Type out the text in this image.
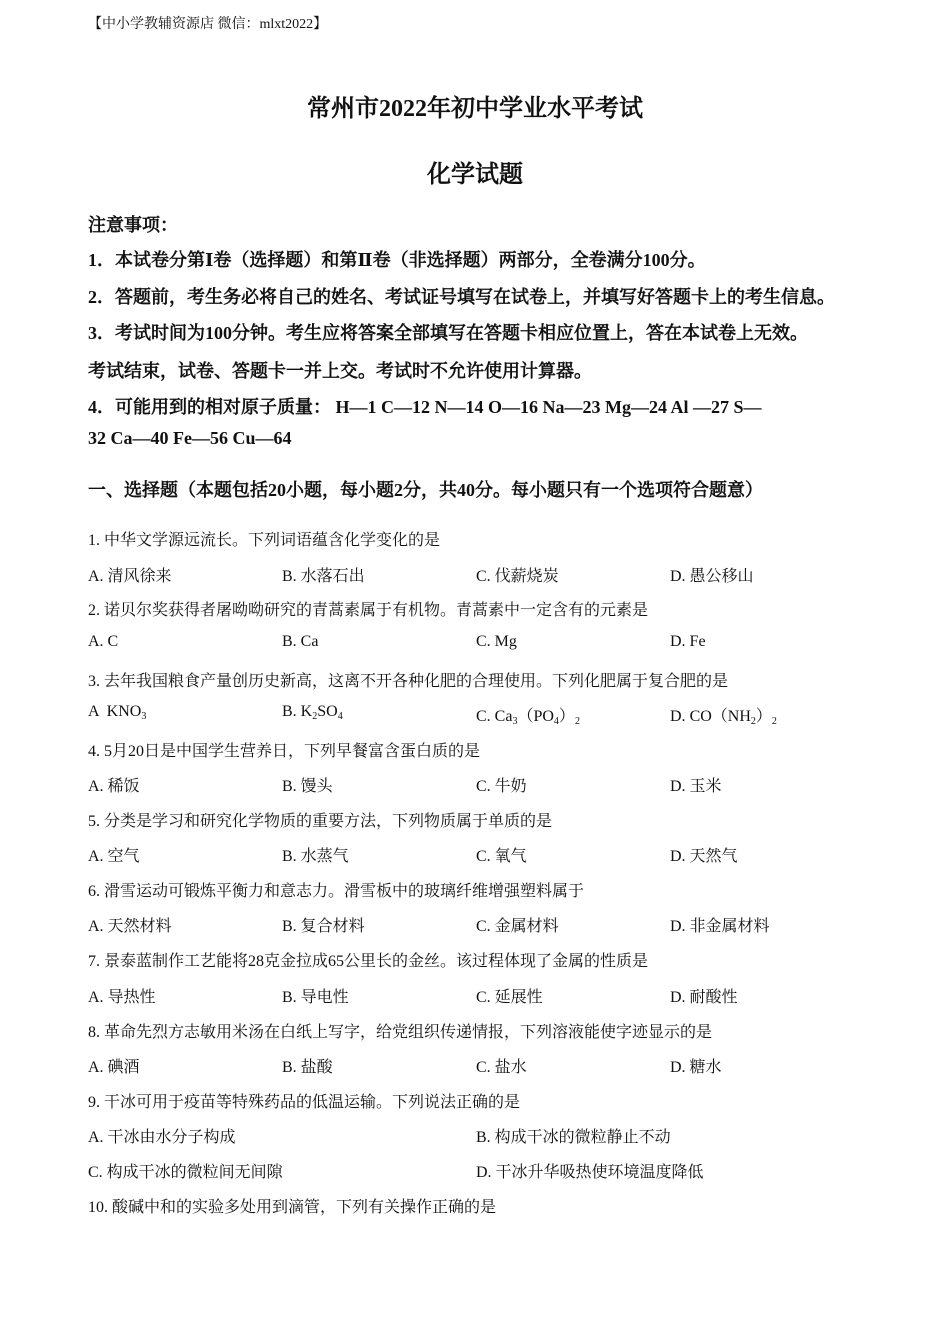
【中小学教辅资源店 微信：mlxt2022】
常州市2022年初中学业水平考试
化学试题
注意事项：
1．本试卷分第Ⅰ卷（选择题）和第Ⅱ卷（非选择题）两部分，全卷满分100分。
2．答题前，考生务必将自己的姓名、考试证号填写在试卷上，并填写好答题卡上的考生信息。
3．考试时间为100分钟。考生应将答案全部填写在答题卡相应位置上，答在本试卷上无效。
考试结束，试卷、答题卡一并上交。考试时不允许使用计算器。
4．可能用到的相对原子质量： H—1 C—12 N—14 O—16 Na—23 Mg—24 Al —27 S—
32 Ca—40 Fe—56 Cu—64
一、选择题（本题包括20小题，每小题2分，共40分。每小题只有一个选项符合题意）
1. 中华文学源远流长。下列词语蕴含化学变化的是
A. 清风徐来	B. 水落石出	C. 伐薪烧炭	D. 愚公移山
2. 诺贝尔奖获得者屠呦呦研究的青蒿素属于有机物。青蒿素中一定含有的元素是
A. C	B. Ca	C. Mg	D. Fe
3. 去年我国粮食产量创历史新高，这离不开各种化肥的合理使用。下列化肥属于复合肥的是
A  $KNO_3$	B. $K_2SO_4$	C. $Ca_3(PO_4)_2$	D. $CO(NH_2)_2$
4. 5月20日是中国学生营养日，下列早餐富含蛋白质的是
A. 稀饭	B. 馒头	C. 牛奶	D. 玉米
5. 分类是学习和研究化学物质的重要方法，下列物质属于单质的是
A. 空气	B. 水蒸气	C. 氧气	D. 天然气
6. 滑雪运动可锻炼平衡力和意志力。滑雪板中的玻璃纤维增强塑料属于
A. 天然材料	B. 复合材料	C. 金属材料	D. 非金属材料
7. 景泰蓝制作工艺能将28克金拉成65公里长的金丝。该过程体现了金属的性质是
A. 导热性	B. 导电性	C. 延展性	D. 耐酸性
8. 革命先烈方志敏用米汤在白纸上写字，给党组织传递情报，下列溶液能使字迹显示的是
A. 碘酒	B. 盐酸	C. 盐水	D. 糖水
9. 干冰可用于疫苗等特殊药品的低温运输。下列说法正确的是
A. 干冰由水分子构成	B. 构成干冰的微粒静止不动
C. 构成干冰的微粒间无间隙	D. 干冰升华吸热使环境温度降低
10. 酸碱中和的实验多处用到滴管，下列有关操作正确的是
